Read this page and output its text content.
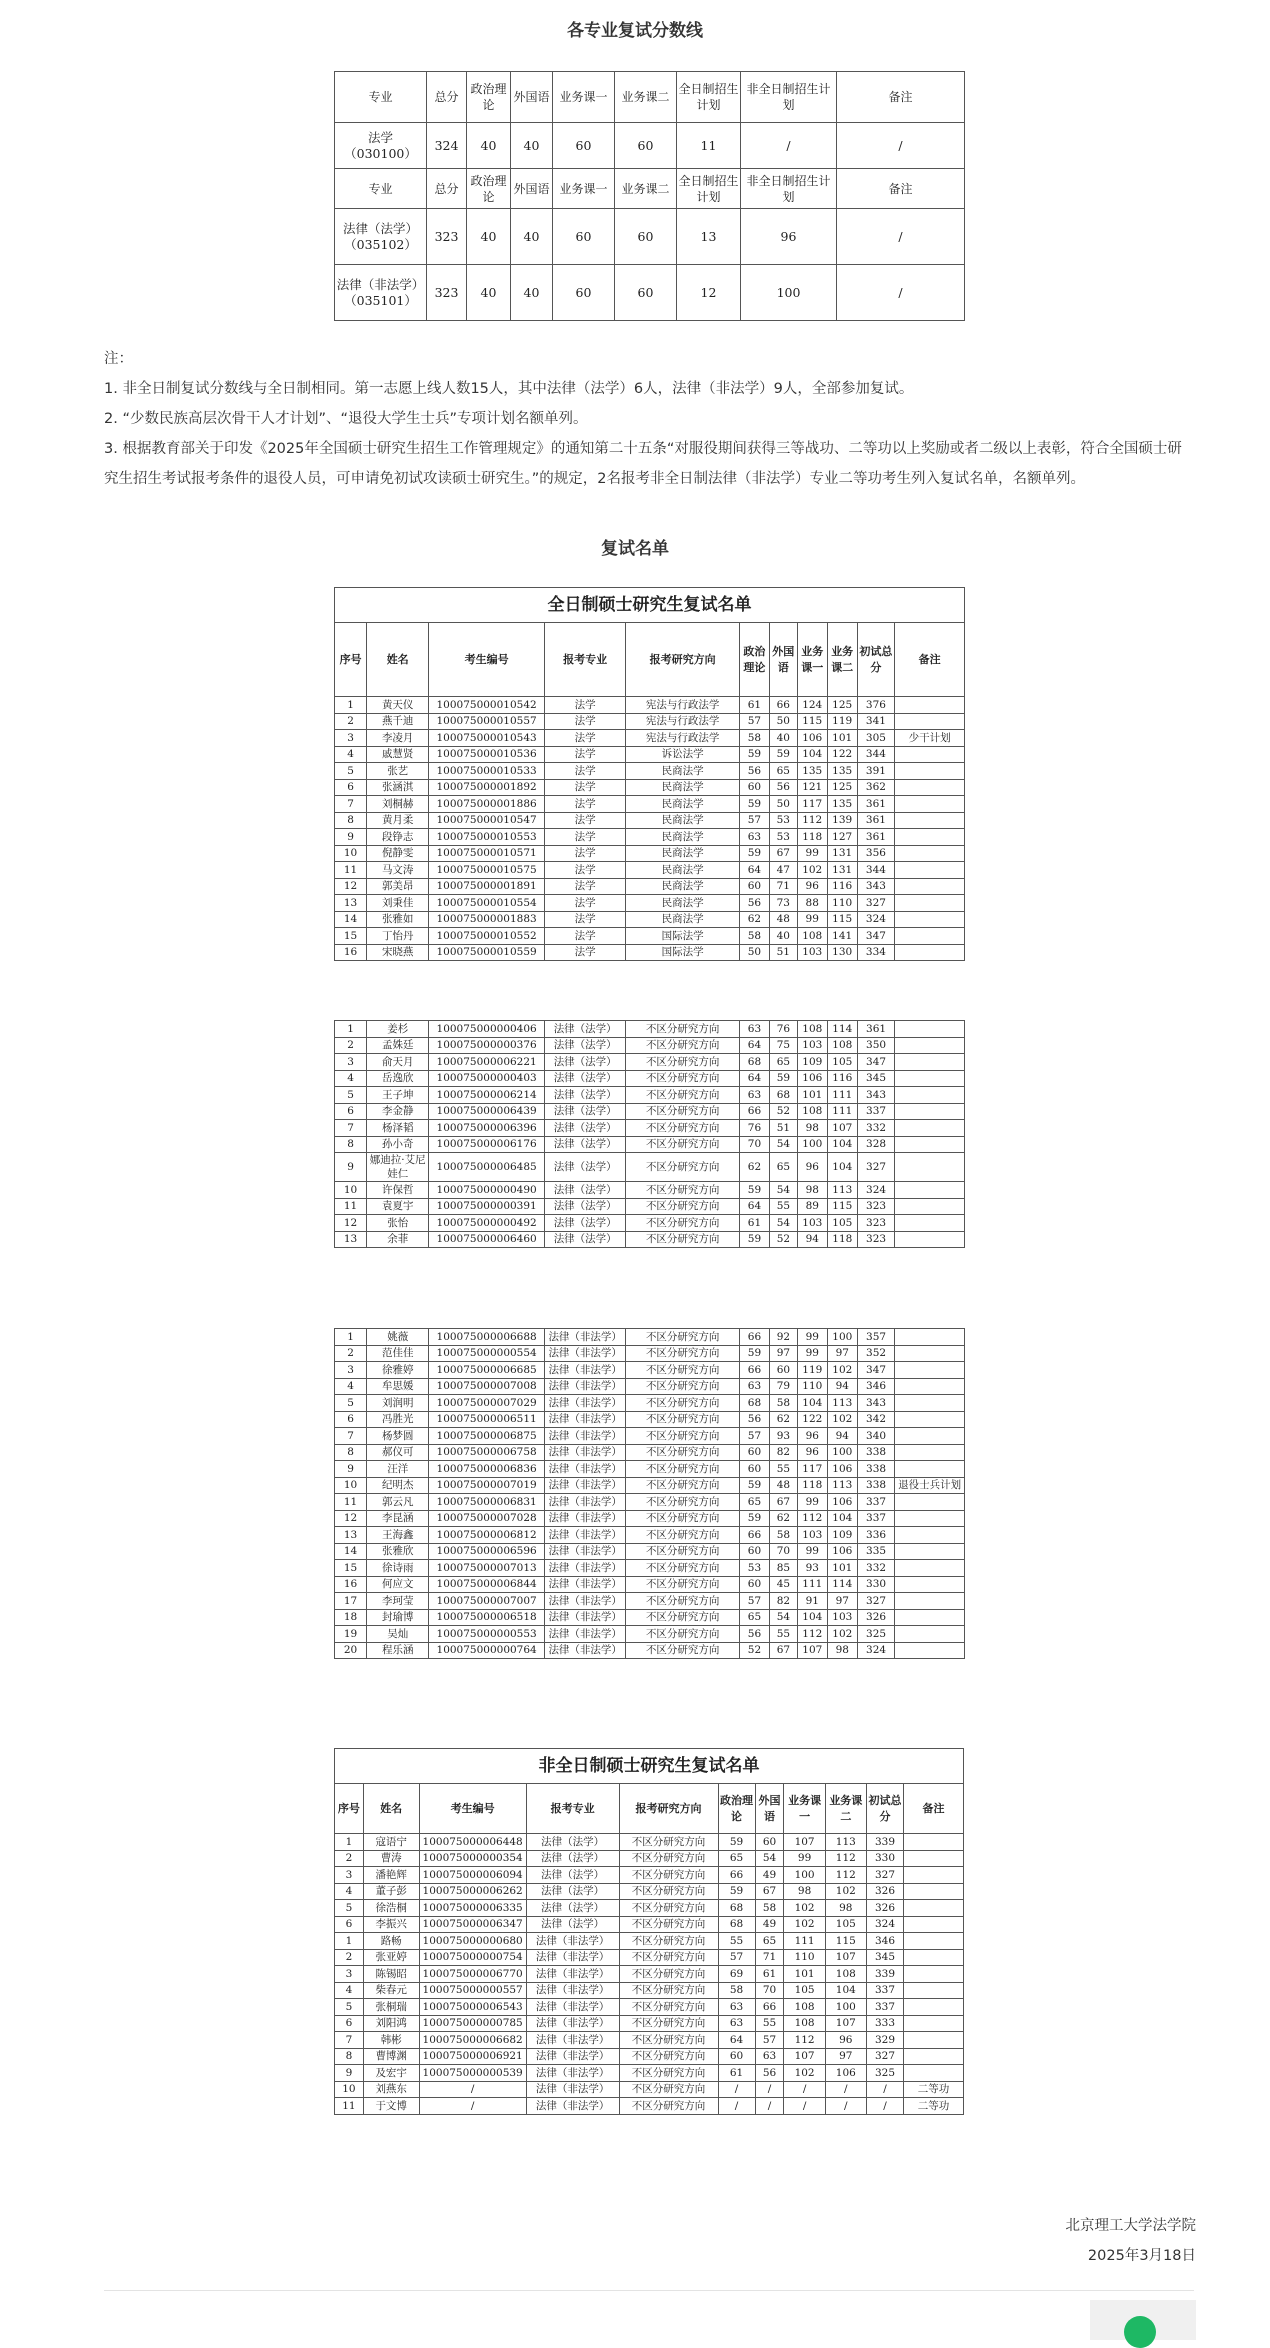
各专业复试分数线
专业	总分	政治理论	外国语	业务课一	业务课二	全日制招生计划	非全日制招生计划	备注
法学（030100）	324	40	40	60	60	11	/	/
专业	总分	政治理论	外国语	业务课一	业务课二	全日制招生计划	非全日制招生计划	备注
法律（法学）（035102）	323	40	40	60	60	13	96	/
法律（非法学）（035101）	323	40	40	60	60	12	100	/

注：

1. 非全日制复试分数线与全日制相同。第一志愿上线人数15人，其中法律（法学）6人，法律（非法学）9人，全部参加复试。

2. “少数民族高层次骨干人才计划”、“退役大学生士兵”专项计划名额单列。

3. 根据教育部关于印发《2025年全国硕士研究生招生工作管理规定》的通知第二十五条“对服役期间获得三等战功、二等功以上奖励或者二级以上表彰，符合全国硕士研究生招生考试报考条件的退役人员，可申请免初试攻读硕士研究生。”的规定，2名报考非全日制法律（非法学）专业二等功考生列入复试名单，名额单列。

复试名单
全日制硕士研究生复试名单										
序号	姓名	考生编号	报考专业	报考研究方向	政治理论	外国语	业务课一	业务课二	初试总分	备注
1	黄天仪	100075000010542	法学	宪法与行政法学	61	66	124	125	376	
2	燕千迪	100075000010557	法学	宪法与行政法学	57	50	115	119	341	
3	李凌月	100075000010543	法学	宪法与行政法学	58	40	106	101	305	少干计划
4	戚慧贤	100075000010536	法学	诉讼法学	59	59	104	122	344	
5	张艺	100075000010533	法学	民商法学	56	65	135	135	391	
6	张涵淇	100075000001892	法学	民商法学	60	56	121	125	362	
7	刘桐赫	100075000001886	法学	民商法学	59	50	117	135	361	
8	黄月柔	100075000010547	法学	民商法学	57	53	112	139	361	
9	段铮志	100075000010553	法学	民商法学	63	53	118	127	361	
10	倪静雯	100075000010571	法学	民商法学	59	67	99	131	356	
11	马文涛	100075000010575	法学	民商法学	64	47	102	131	344	
12	郭美昂	100075000001891	法学	民商法学	60	71	96	116	343	
13	刘秉佳	100075000010554	法学	民商法学	56	73	88	110	327	
14	张雅如	100075000001883	法学	民商法学	62	48	99	115	324	
15	丁怡丹	100075000010552	法学	国际法学	58	40	108	141	347	
16	宋晓燕	100075000010559	法学	国际法学	50	51	103	130	334	
1	姜杉	100075000000406	法律（法学）	不区分研究方向	63	76	108	114	361	
2	孟姝廷	100075000000376	法律（法学）	不区分研究方向	64	75	103	108	350	
3	俞天月	100075000006221	法律（法学）	不区分研究方向	68	65	109	105	347	
4	岳逸欣	100075000000403	法律（法学）	不区分研究方向	64	59	106	116	345	
5	王子坤	100075000006214	法律（法学）	不区分研究方向	63	68	101	111	343	
6	李金静	100075000006439	法律（法学）	不区分研究方向	66	52	108	111	337	
7	杨泽韬	100075000006396	法律（法学）	不区分研究方向	76	51	98	107	332	
8	孙小奇	100075000006176	法律（法学）	不区分研究方向	70	54	100	104	328	
9	娜迪拉·艾尼娃仁	100075000006485	法律（法学）	不区分研究方向	62	65	96	104	327	
10	许保哲	100075000000490	法律（法学）	不区分研究方向	59	54	98	113	324	
11	袁夏宇	100075000000391	法律（法学）	不区分研究方向	64	55	89	115	323	
12	张怡	100075000000492	法律（法学）	不区分研究方向	61	54	103	105	323	
13	余菲	100075000006460	法律（法学）	不区分研究方向	59	52	94	118	323	
1	姚薇	100075000006688	法律（非法学）	不区分研究方向	66	92	99	100	357	
2	范佳佳	100075000000554	法律（非法学）	不区分研究方向	59	97	99	97	352	
3	徐雅婷	100075000006685	法律（非法学）	不区分研究方向	66	60	119	102	347	
4	牟思媛	100075000007008	法律（非法学）	不区分研究方向	63	79	110	94	346	
5	刘润明	100075000007029	法律（非法学）	不区分研究方向	68	58	104	113	343	
6	冯胜光	100075000006511	法律（非法学）	不区分研究方向	56	62	122	102	342	
7	杨梦圆	100075000006875	法律（非法学）	不区分研究方向	57	93	96	94	340	
8	郝仪可	100075000006758	法律（非法学）	不区分研究方向	60	82	96	100	338	
9	汪洋	100075000006836	法律（非法学）	不区分研究方向	60	55	117	106	338	
10	纪明杰	100075000007019	法律（非法学）	不区分研究方向	59	48	118	113	338	退役士兵计划
11	郭云凡	100075000006831	法律（非法学）	不区分研究方向	65	67	99	106	337	
12	李昆涵	100075000007028	法律（非法学）	不区分研究方向	59	62	112	104	337	
13	王海鑫	100075000006812	法律（非法学）	不区分研究方向	66	58	103	109	336	
14	张雅欣	100075000006596	法律（非法学）	不区分研究方向	60	70	99	106	335	
15	徐诗雨	100075000007013	法律（非法学）	不区分研究方向	53	85	93	101	332	
16	何应文	100075000006844	法律（非法学）	不区分研究方向	60	45	111	114	330	
17	李珂莹	100075000007007	法律（非法学）	不区分研究方向	57	82	91	97	327	
18	封瑜博	100075000006518	法律（非法学）	不区分研究方向	65	54	104	103	326	
19	吴灿	100075000000553	法律（非法学）	不区分研究方向	56	55	112	102	325	
20	程乐涵	100075000000764	法律（非法学）	不区分研究方向	52	67	107	98	324	
非全日制硕士研究生复试名单										
序号	姓名	考生编号	报考专业	报考研究方向	政治理论	外国语	业务课一	业务课二	初试总分	备注
1	寇语宁	100075000006448	法律（法学）	不区分研究方向	59	60	107	113	339	
2	曹涛	100075000000354	法律（法学）	不区分研究方向	65	54	99	112	330	
3	潘艳辉	100075000006094	法律（法学）	不区分研究方向	66	49	100	112	327	
4	董子彭	100075000006262	法律（法学）	不区分研究方向	59	67	98	102	326	
5	徐浩桐	100075000006335	法律（法学）	不区分研究方向	68	58	102	98	326	
6	李振兴	100075000006347	法律（法学）	不区分研究方向	68	49	102	105	324	
1	路畅	100075000000680	法律（非法学）	不区分研究方向	55	65	111	115	346	
2	张亚婷	100075000000754	法律（非法学）	不区分研究方向	57	71	110	107	345	
3	陈锡昭	100075000006770	法律（非法学）	不区分研究方向	69	61	101	108	339	
4	柴春元	100075000000557	法律（非法学）	不区分研究方向	58	70	105	104	337	
5	张桐瑞	100075000006543	法律（非法学）	不区分研究方向	63	66	108	100	337	
6	刘阳鸿	100075000000785	法律（非法学）	不区分研究方向	63	55	108	107	333	
7	韩彬	100075000006682	法律（非法学）	不区分研究方向	64	57	112	96	329	
8	曹博渊	100075000006921	法律（非法学）	不区分研究方向	60	63	107	97	327	
9	及宏宇	100075000000539	法律（非法学）	不区分研究方向	61	56	102	106	325	
10	刘燕东	/	法律（非法学）	不区分研究方向	/	/	/	/	/	二等功
11	于文博	/	法律（非法学）	不区分研究方向	/	/	/	/	/	二等功
北京理工大学法学院
2025年3月18日
